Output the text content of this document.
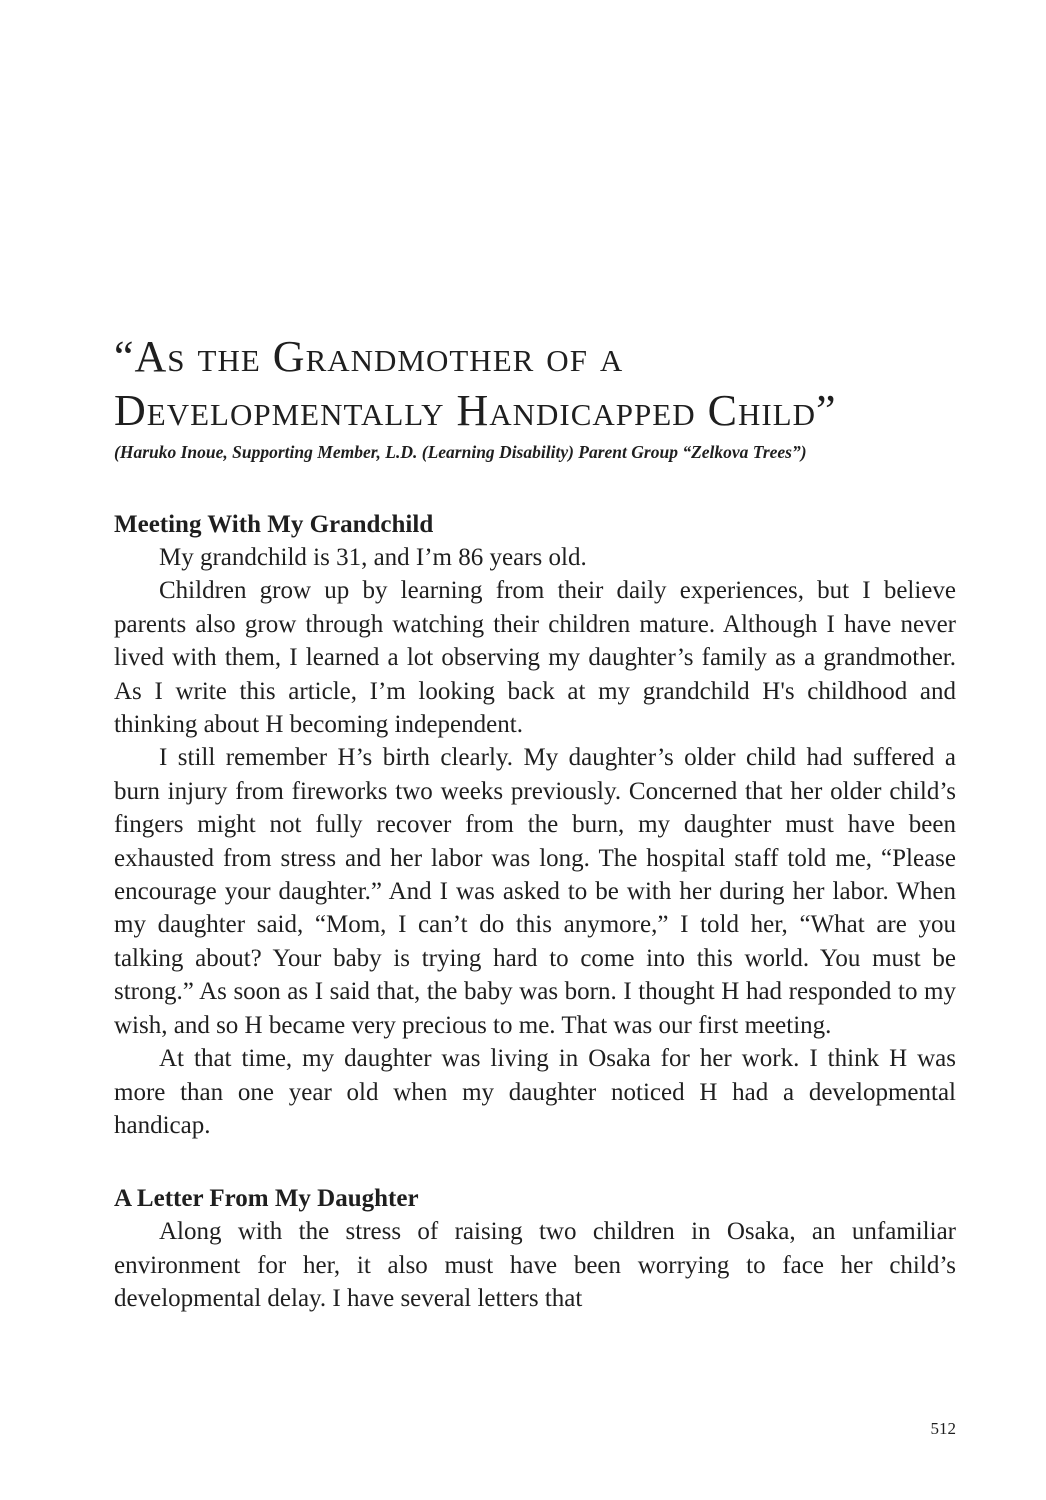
“As the Grandmother of a
Developmentally Handicapped Child”

(Haruko Inoue, Supporting Member, L.D. (Learning Disability) Parent Group “Zelkova Trees”)

Meeting With My Grandchild

My grandchild is 31, and I’m 86 years old.

Children grow up by learning from their daily experiences, but I believe parents also grow through watching their children mature. Although I have never lived with them, I learned a lot observing my daughter’s family as a grandmother. As I write this article, I’m looking back at my grandchild H's childhood and thinking about H becoming independent.

I still remember H’s birth clearly. My daughter’s older child had suffered a burn injury from fireworks two weeks previously. Concerned that her older child’s fingers might not fully recover from the burn, my daughter must have been exhausted from stress and her labor was long. The hospital staff told me, “Please encourage your daughter.” And I was asked to be with her during her labor. When my daughter said, “Mom, I can’t do this anymore,” I told her, “What are you talking about? Your baby is trying hard to come into this world. You must be strong.” As soon as I said that, the baby was born. I thought H had responded to my wish, and so H became very precious to me. That was our first meeting.

At that time, my daughter was living in Osaka for her work. I think H was more than one year old when my daughter noticed H had a developmental handicap.

A Letter From My Daughter

Along with the stress of raising two children in Osaka, an unfamiliar environment for her, it also must have been worrying to face her child’s developmental delay. I have several letters that

512
